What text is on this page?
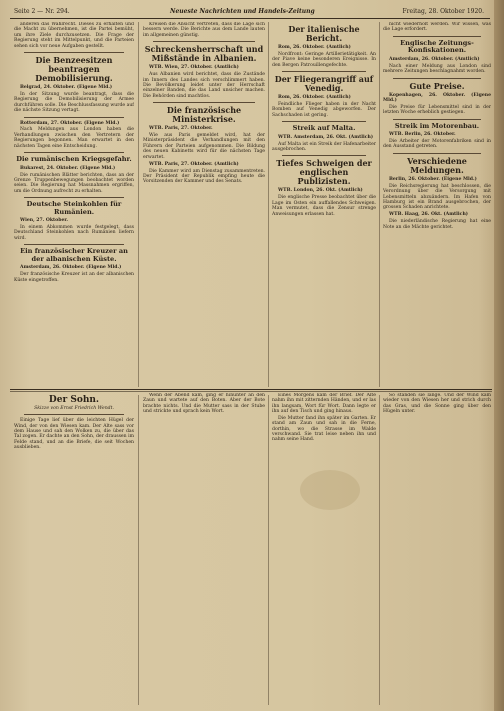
Seite 2 — Nr. 294.	Neueste Nachrichten und Handels-Zeitung	Freitag, 28. Oktober 1920.

anderen das Wahlrecht. Dieses zu erhalten und die Macht zu übernehmen, ist die Partei bemüht, um ihre Ziele durchzusetzen. Die Frage der Regierung steht im Mittelpunkt, und die Parteien sehen sich vor neue Aufgaben gestellt.

Die Benzeesitzen beantragen Demobilisierung.

Belgrad, 24. Oktober. (Eigene Mld.)

In der Sitzung wurde beantragt, dass die Regierung die Demobilisierung der Armee durchführen solle. Die Beschlussfassung wurde auf die nächste Sitzung vertagt.

Rotterdam, 27. Oktober. (Eigene Mld.)

Nach Meldungen aus London haben die Verhandlungen zwischen den Vertretern der Regierungen begonnen. Man erwartet in den nächsten Tagen eine Entscheidung.

Die rumänischen Kriegsgefahr.

Bukarest, 24. Oktober. (Eigene Mld.)

Die rumänischen Blätter berichten, dass an der Grenze Truppenbewegungen beobachtet worden seien. Die Regierung hat Massnahmen ergriffen, um die Ordnung aufrecht zu erhalten.

Deutsche Steinkohlen für Rumänien.

Wien, 27. Oktober.

In einem Abkommen wurde festgelegt, dass Deutschland Steinkohlen nach Rumänien liefern wird.

Ein französischer Kreuzer an der albanischen Küste.

Amsterdam, 26. Oktober. (Eigene Mld.)

Der französische Kreuzer ist an der albanischen Küste eingetroffen.

Kreisen die Ansicht vertreten, dass die Lage sich bessern werde. Die Berichte aus dem Lande lauten im allgemeinen günstig.

Schreckensherrschaft und Mißstände in Albanien.

WTB. Wien, 27. Oktober. (Amtlich)

Aus Albanien wird berichtet, dass die Zustände im Innern des Landes sich verschlimmert haben. Die Bevölkerung leidet unter der Herrschaft einzelner Banden, die das Land unsicher machen. Die Behörden sind machtlos.

Die französische Ministerkrise.

WTB. Paris, 27. Oktober.

Wie aus Paris gemeldet wird, hat der Ministerpräsident die Verhandlungen mit den Führern der Parteien aufgenommen. Die Bildung des neuen Kabinetts wird für die nächsten Tage erwartet.

WTB. Paris, 27. Oktober. (Amtlich)

Die Kammer wird am Dienstag zusammentreten. Der Präsident der Republik empfing heute die Vorsitzenden der Kammer und des Senats.

Der italienische Bericht.

Rom, 26. Oktober. (Amtlich)

Nordfront: Geringe Artillerietätigkeit. An der Piave keine besonderen Ereignisse. In den Bergen Patrouillengefechte.

Der Fliegerangriff auf Venedig.

Rom, 26. Oktober. (Amtlich)

Feindliche Flieger haben in der Nacht Bomben auf Venedig abgeworfen. Der Sachschaden ist gering.

Streik auf Malta.

WTB. Amsterdam, 26. Okt. (Amtlich)

Auf Malta ist ein Streik der Hafenarbeiter ausgebrochen.

Tiefes Schweigen der englischen Publizisten.

WTB. London, 26. Okt. (Amtlich)

Die englische Presse beobachtet über die Lage im Osten ein auffallendes Schweigen. Man vermutet, dass die Zensur strenge Anweisungen erlassen hat.

nicht wiederholt werden. Wir wissen, was die Lage erfordert.

Englische Zeitungs-Konfiskationen.

Amsterdam, 26. Oktober. (Amtlich)

Nach einer Meldung aus London sind mehrere Zeitungen beschlagnahmt worden.

Gute Preise.

Kopenhagen, 26. Oktober. (Eigene Mld.)

Die Preise für Lebensmittel sind in der letzten Woche erheblich gestiegen.

Streik im Motorenbau.

WTB. Berlin, 26. Oktober.

Die Arbeiter der Motorenfabriken sind in den Ausstand getreten.

Verschiedene Meldungen.

Berlin, 26. Oktober. (Eigene Mld.)

Die Reichsregierung hat beschlossen, die Verordnung über die Versorgung mit Lebensmitteln abzuändern. Im Hafen von Hamburg ist ein Brand ausgebrochen, der grossen Schaden anrichtete.

WTB. Haag, 26. Okt. (Amtlich)

Die niederländische Regierung hat eine Note an die Mächte gerichtet.

Der Sohn.
Skizze von Ernst Friedrich Wendt.

Einige Tage lief über die leichten Hügel der Wind, der von den Wiesen kam. Der Alte sass vor dem Hause und sah den Wolken zu, die über das Tal zogen. Er dachte an den Sohn, der draussen im Felde stand, und an die Briefe, die seit Wochen ausblieben.

Wenn der Abend kam, ging er hinunter an den Zaun und wartete auf den Boten. Aber der Bote brachte nichts. Und die Mutter sass in der Stube und strickte und sprach kein Wort.

Eines Morgens kam der Brief. Der Alte nahm ihn mit zitternden Händen, und er las ihn langsam, Wort für Wort. Dann legte er ihn auf den Tisch und ging hinaus.

Die Mutter fand ihn später im Garten. Er stand am Zaun und sah in die Ferne, dorthin, wo die Strasse im Walde verschwand. Sie trat leise neben ihn und nahm seine Hand.

So standen sie lange. Und der Wind kam wieder von den Wiesen her und strich durch das Gras, und die Sonne ging über den Hügeln unter.
